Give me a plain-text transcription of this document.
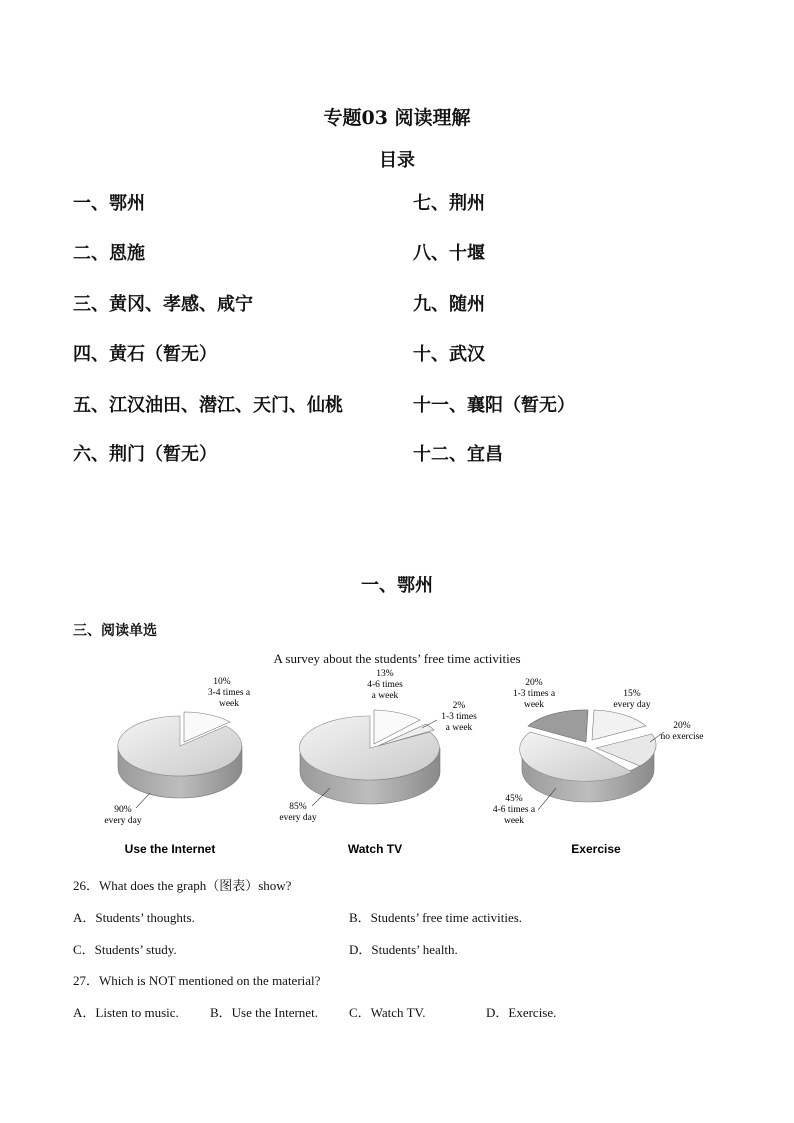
专题03 阅读理解
目录
一、鄂州
二、恩施
三、黄冈、孝感、咸宁
四、黄石（暂无）
五、江汉油田、潜江、天门、仙桃
六、荆门（暂无）
七、荆州
八、十堰
九、随州
十、武汉
十一、襄阳（暂无）
十二、宜昌
一、鄂州
三、阅读单选
A survey about the students’ free time activities
10%
3-4 times a
week
90%
every day
Use the Internet
13%
4-6 times
a week
2%
1-3 times
a week
85%
every day
Watch TV
20%
1-3 times a
week
15%
every day
20%
no exercise
45%
4-6 times a
week
Exercise
26．What does the graph（图表）show?
A．Students’ thoughts.	B．Students’ free time activities.
C．Students’ study.	D．Students’ health.
27．Which is NOT mentioned on the material?
A．Listen to music. B．Use the Internet. C．Watch TV.	D．Exercise.
